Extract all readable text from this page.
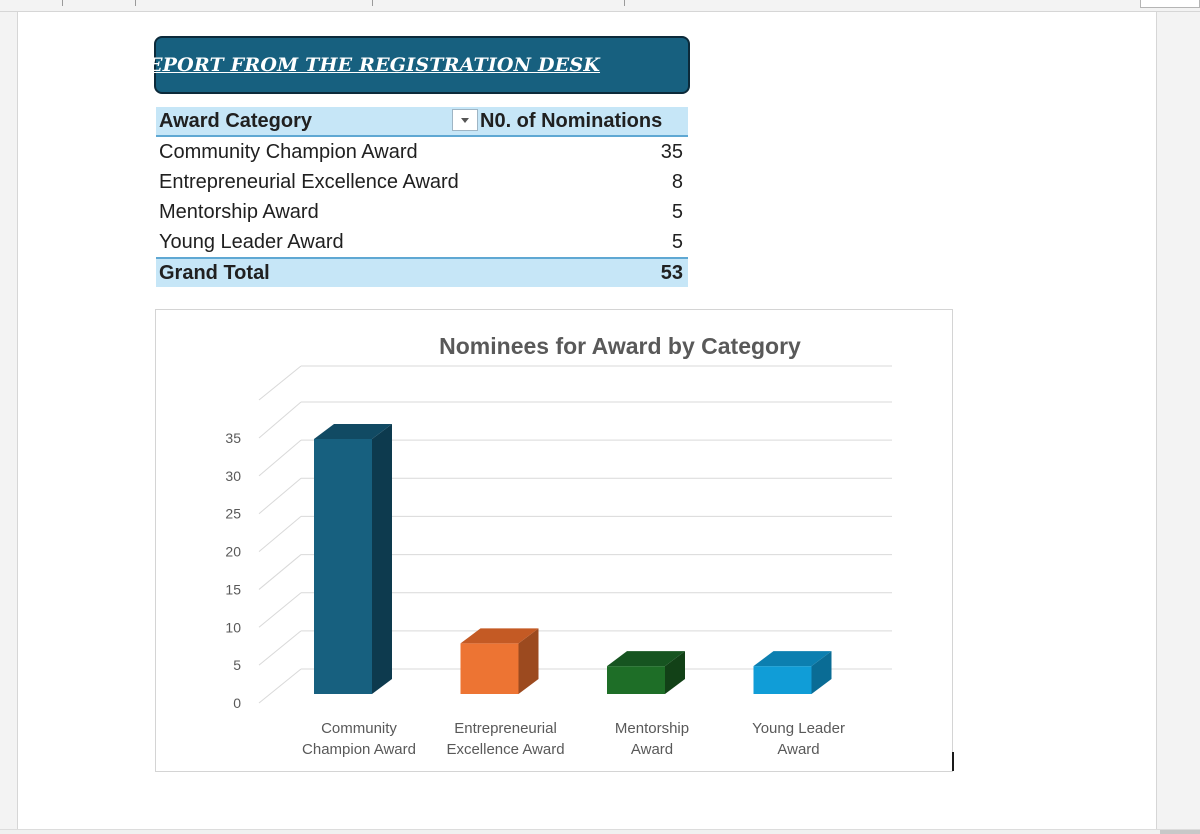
REPORT FROM THE REGISTRATION DESK
Award Category	N0. of Nominations
Community Champion Award	35
Entrepreneurial Excellence Award	8
Mentorship Award	5
Young Leader Award	5
Grand Total	53
Nominees for Award by Category
0
5
10
15
20
25
30
35
Community
Champion Award
Entrepreneurial
Excellence Award
Mentorship
Award
Young Leader
Award
